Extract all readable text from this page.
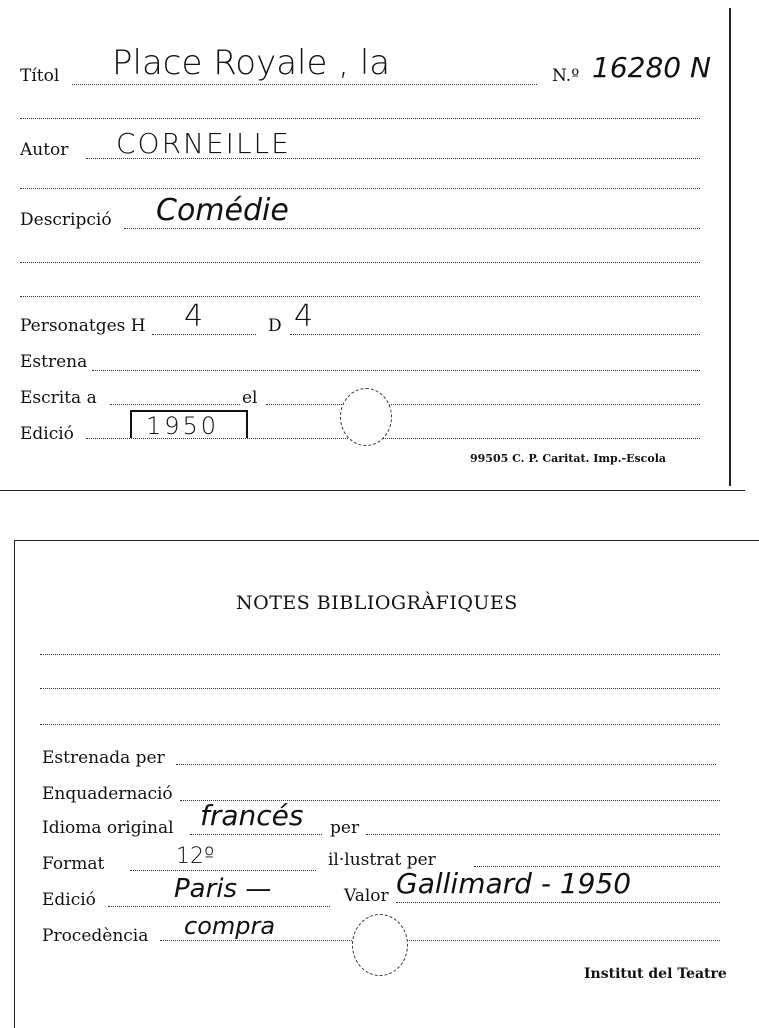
Títol Place Royale , la	N.º 16280 N
Autor CORNEILLE
Descripció Comédie
Personatges H 4	D 4
Estrena
Escrita a	el
Edició	1950
99505 C. P. Caritat. Imp.-Escola
NOTES BIBLIOGRÀFIQUES
Estrenada per
Enquadernació
Idioma original francés per
Format	12º	il·lustrat per
Edició	Paris —	Valor Gallimard - 1950
Procedència compra
Institut del Teatre
